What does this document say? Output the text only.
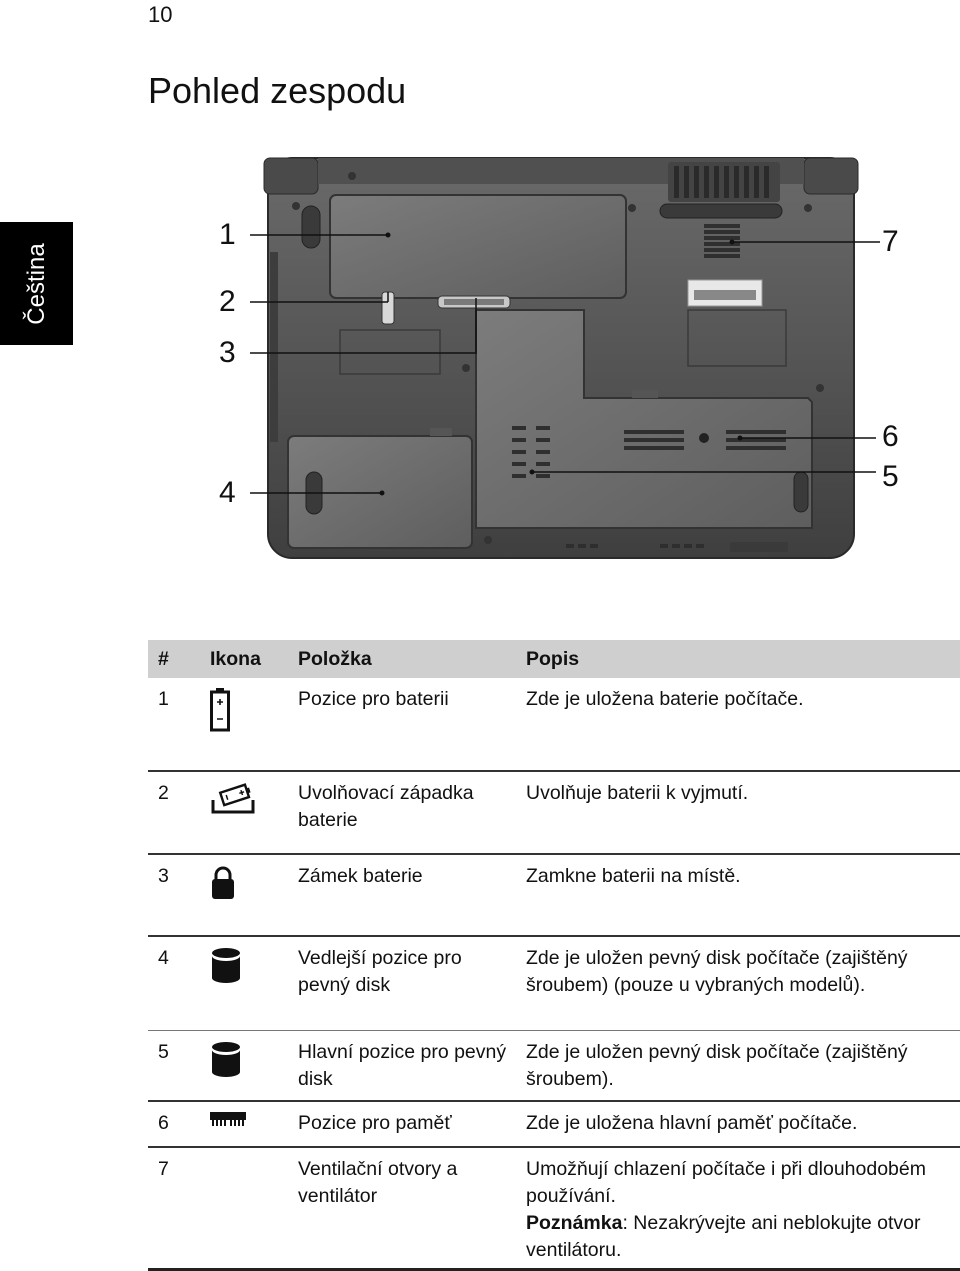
10
Pohled zespodu
Čeština
1
2
3
4	5
6
7
#	Ikona	Položka	Popis
1		Pozice pro baterii	Zde je uložena baterie počítače.
2		Uvolňovací západka baterie	Uvolňuje baterii k vyjmutí.
3		Zámek baterie	Zamkne baterii na místě.
4		Vedlejší pozice pro pevný disk	Zde je uložen pevný disk počítače (zajištěný šroubem) (pouze u vybraných modelů).
5		Hlavní pozice pro pevný disk	Zde je uložen pevný disk počítače (zajištěný šroubem).
6		Pozice pro paměť	Zde je uložena hlavní paměť počítače.
7		Ventilační otvory a ventilátor	Umožňují chlazení počítače i při dlouhodobém používání.
Poznámka: Nezakrývejte ani neblokujte otvor ventilátoru.
